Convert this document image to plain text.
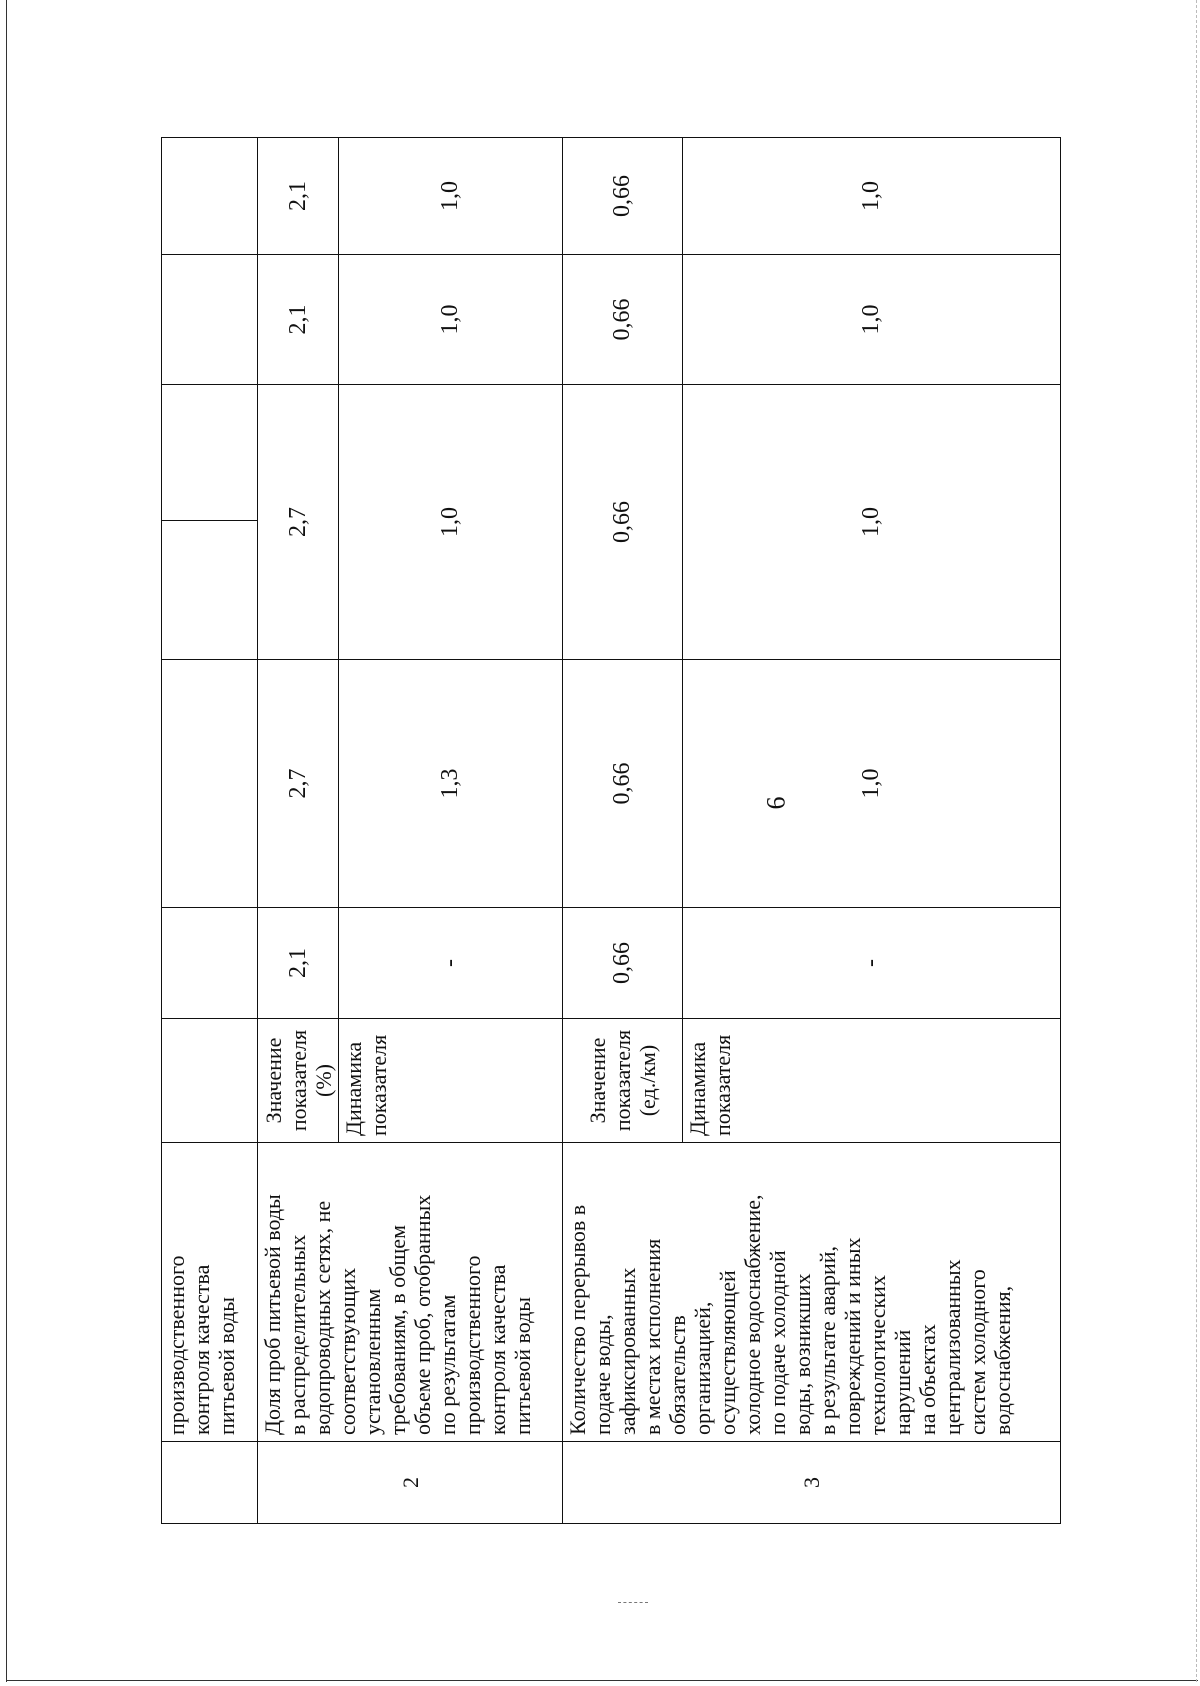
6
производственного
контроля качества
питьевой воды
2
Доля проб питьевой воды
в распределительных
водопроводных сетях, не
соответствующих
установленным
требованиям, в общем
объеме проб, отобранных
по результатам
производственного
контроля качества
питьевой воды
Значение
показателя
(%) Динамика
показателя
2,1
2,7
2,7
2,1
2,1
-
1,3
1,0
1,0
1,0
3
Количество перерывов в
подаче воды,
зафиксированных
в местах исполнения
обязательств
организацией,
осуществляющей
холодное водоснабжение,
по подаче холодной
воды, возникших
в результате аварий,
повреждений и иных
технологических
нарушений
на объектах
централизованных
систем холодного
водоснабжения,
Значение
показателя
(ед./км)	Динамика
показателя
0,66
0,66
0,66
0,66
0,66
-
1,0
1,0
1,0
1,0
